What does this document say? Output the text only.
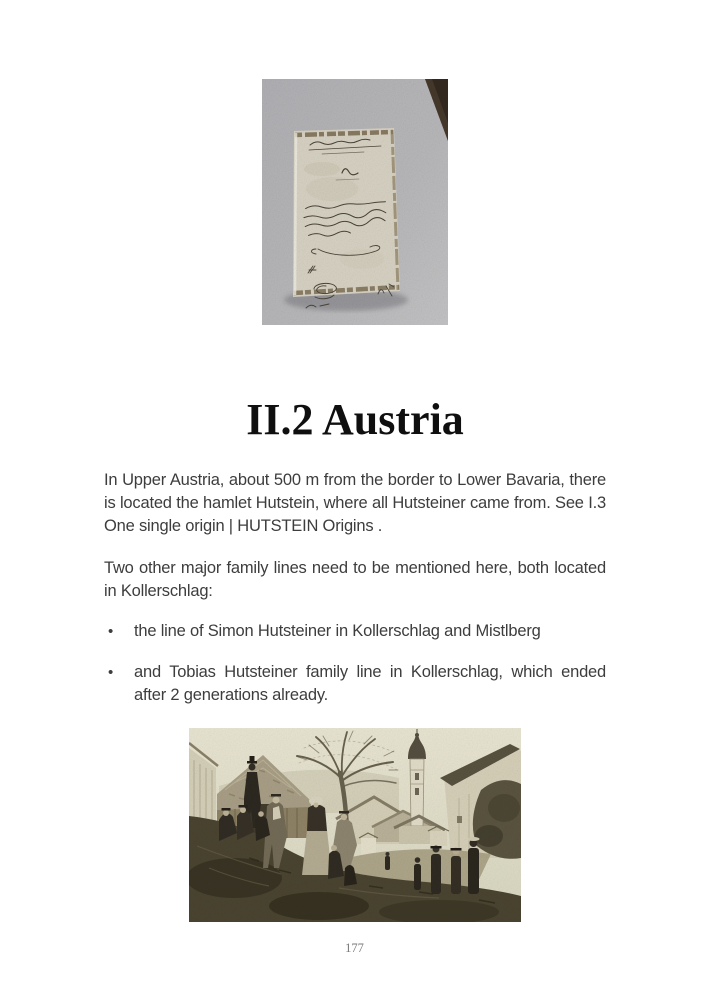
II.2 Austria

In Upper Austria, about 500 m from the border to Lower Bavaria, there is located the hamlet Hutstein, where all Hutsteiner came from. See I.3 One single origin | HUTSTEIN Origins .

Two other major family lines need to be mentioned here, both located in Kollerschlag:

• the line of Simon Hutsteiner in Kollerschlag and Mistlberg
• and Tobias Hutsteiner family line in Kollerschlag, which ended after 2 generations already.
177
